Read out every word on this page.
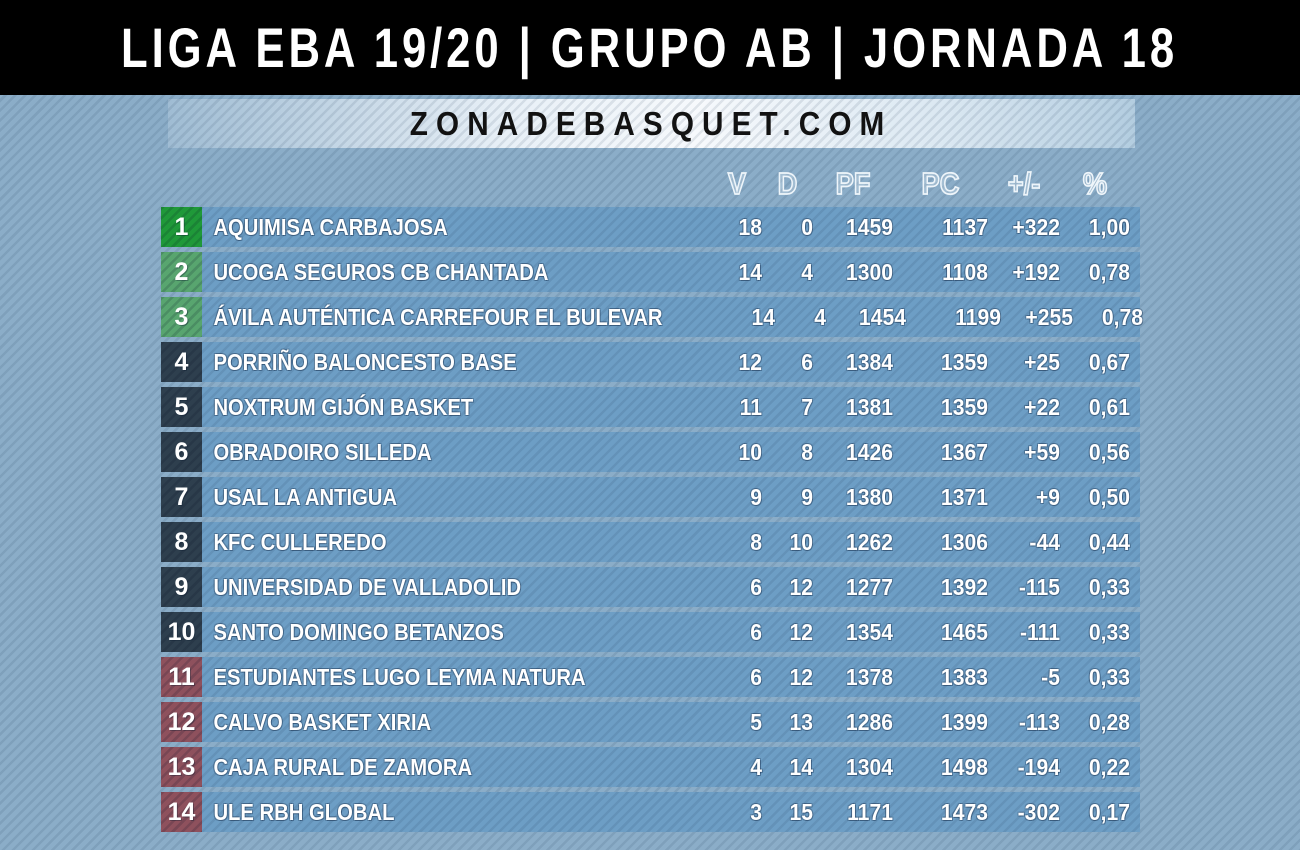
LIGA EBA 19/20 | GRUPO AB | JORNADA 18
ZONADEBASQUET.COM
V	D	PF	PC	+/-	%
1	AQUIMISA CARBAJOSA	18	0	1459	1137	+322	1,00
2	UCOGA SEGUROS CB CHANTADA	14	4	1300	1108	+192	0,78
3	ÁVILA AUTÉNTICA CARREFOUR EL BULEVAR	14	4	1454	1199	+255	0,78
4	PORRIÑO BALONCESTO BASE	12	6	1384	1359	+25	0,67
5	NOXTRUM GIJÓN BASKET	11	7	1381	1359	+22	0,61
6	OBRADOIRO SILLEDA	10	8	1426	1367	+59	0,56
7	USAL LA ANTIGUA	9	9	1380	1371	+9	0,50
8	KFC CULLEREDO	8	10	1262	1306	-44	0,44
9	UNIVERSIDAD DE VALLADOLID	6	12	1277	1392	-115	0,33
10 SANTO DOMINGO BETANZOS	6	12	1354	1465	-111	0,33
11 ESTUDIANTES LUGO LEYMA NATURA	6	12	1378	1383	-5	0,33
12 CALVO BASKET XIRIA	5	13	1286	1399	-113	0,28
13 CAJA RURAL DE ZAMORA	4	14	1304	1498	-194	0,22
14 ULE RBH GLOBAL	3	15	1171	1473	-302	0,17
